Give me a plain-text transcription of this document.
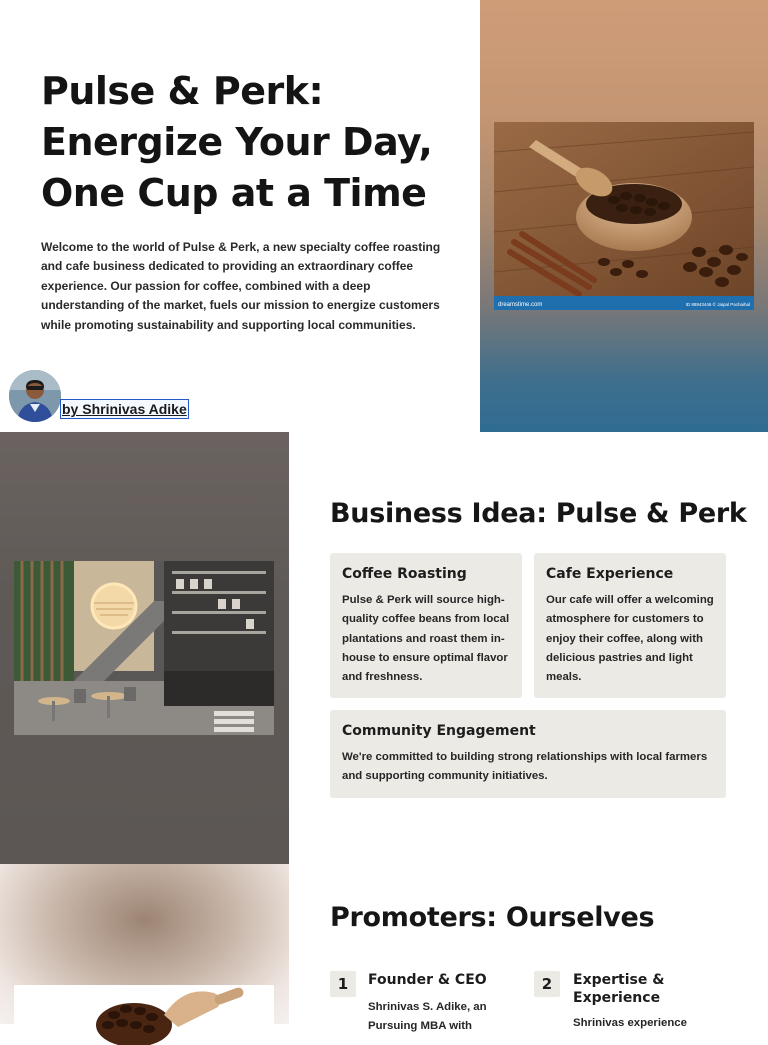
Pulse & Perk: Energize Your Day, One Cup at a Time

Welcome to the world of Pulse & Perk, a new specialty coffee roasting and cafe business dedicated to providing an extraordinary coffee experience. Our passion for coffee, combined with a deep understanding of the market, fuels our mission to energize customers while promoting sustainability and supporting local communities.

by Shrinivas Adike
dreamstime.com	ID 88943446 © Jaipal Pachaihal
Business Idea: Pulse & Perk
Coffee Roasting

Pulse & Perk will source high-quality coffee beans from local plantations and roast them in-house to ensure optimal flavor and freshness.

Cafe Experience

Our cafe will offer a welcoming atmosphere for customers to enjoy their coffee, along with delicious pastries and light meals.

Community Engagement

We're committed to building strong relationships with local farmers and supporting community initiatives.

Promoters: Ourselves
1	Founder & CEO

Shrinivas S. Adike, an Pursuing MBA with

2	Expertise & Experience

Shrinivas experience
